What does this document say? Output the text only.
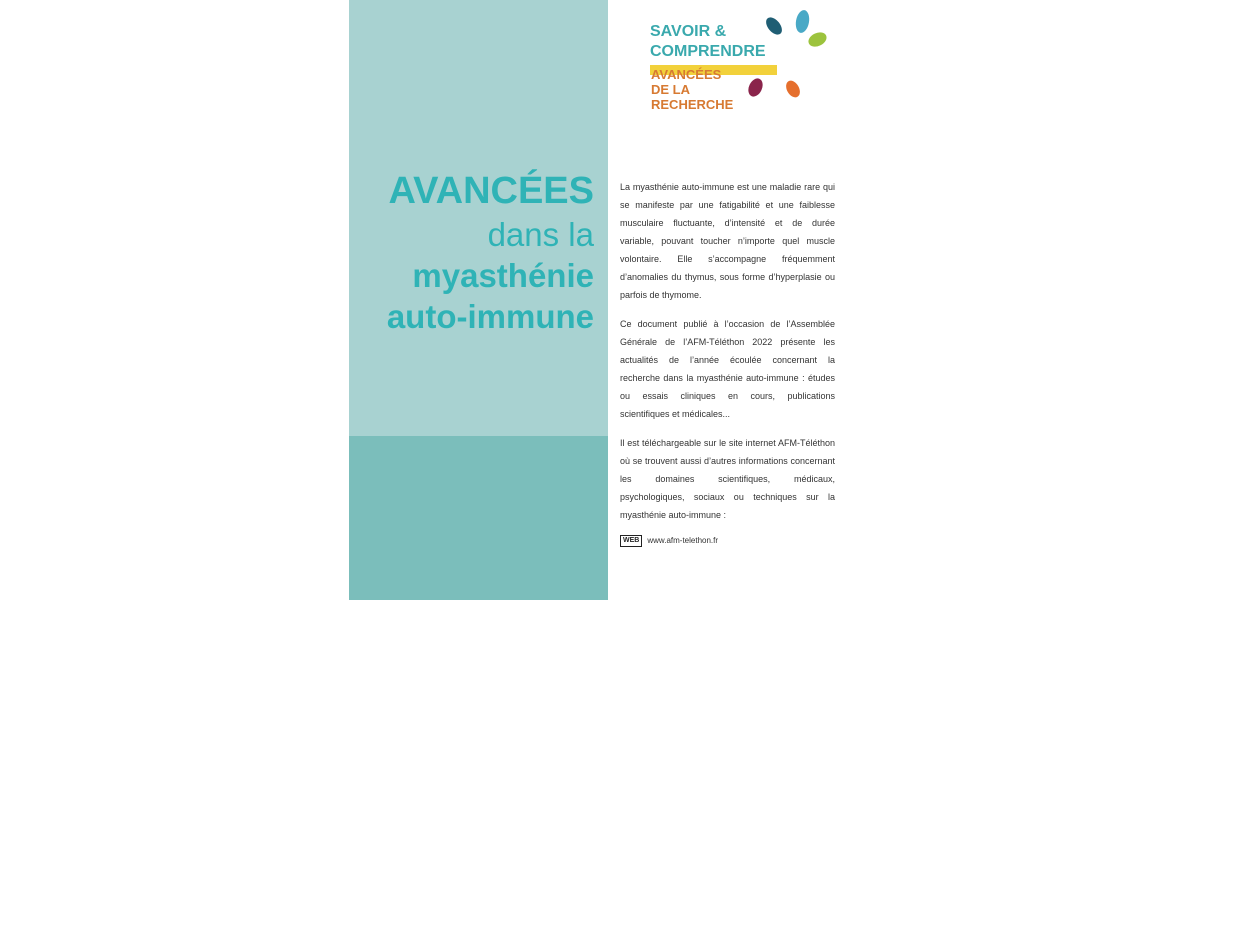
AVANCÉES
dans la
myasthénie
auto-immune
> myasthenia gravis
> myasthénie acquise
> myasthénie oculaire
> myasthénie généralisée
SAVOIR &
COMPRENDRE
AVANCÉES
DE LA
RECHERCHE

La myasthénie auto-immune est une maladie rare qui se manifeste par une fatigabilité et une faiblesse musculaire fluctuante, d’intensité et de durée variable, pouvant toucher n’importe quel muscle volontaire. Elle s’accompagne fréquemment d’anomalies du thymus, sous forme d’hyperplasie ou parfois de thymome.

Ce document publié à l’occasion de l’Assemblée Générale de l’AFM-Téléthon 2022 présente les actualités de l’année écoulée concernant la recherche dans la myasthénie auto-immune : études ou essais cliniques en cours, publications scientifiques et médicales...

Il est téléchargeable sur le site internet AFM-Téléthon où se trouvent aussi d’autres informations concernant les domaines scientifiques, médicaux, psychologiques, sociaux ou techniques sur la myasthénie auto-immune :

WEB	www.afm-telethon.fr
